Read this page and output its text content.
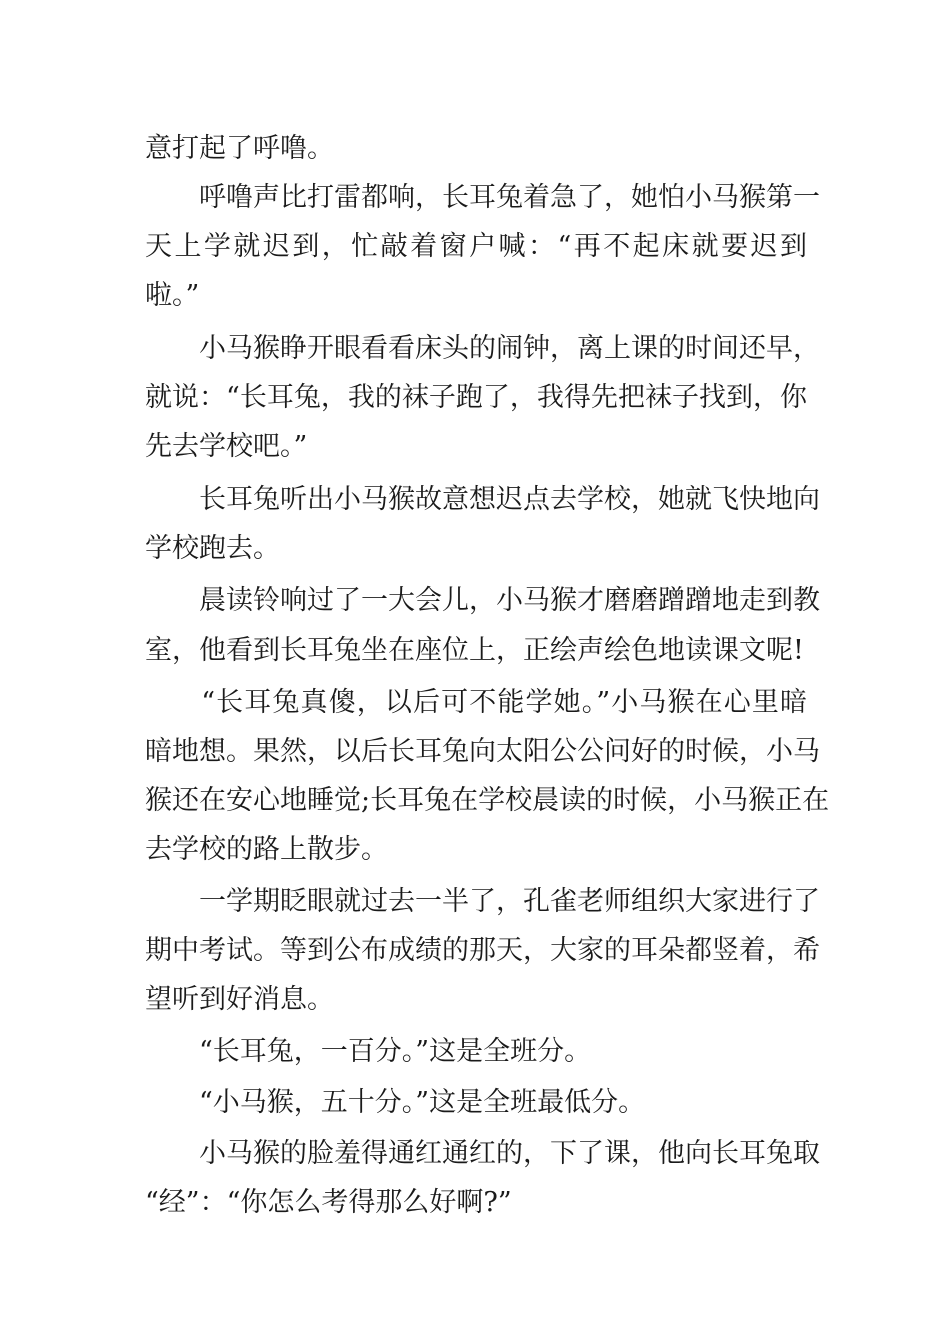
意打起了呼噜。
　　呼噜声比打雷都响，长耳兔着急了，她怕小马猴第一
天上学就迟到，忙敲着窗户喊：“再不起床就要迟到
啦。”
　　小马猴睁开眼看看床头的闹钟，离上课的时间还早，
就说：“长耳兔，我的袜子跑了，我得先把袜子找到，你
先去学校吧。”
　　长耳兔听出小马猴故意想迟点去学校，她就飞快地向
学校跑去。
　　晨读铃响过了一大会儿，小马猴才磨磨蹭蹭地走到教
室，他看到长耳兔坐在座位上，正绘声绘色地读课文呢!
　　“长耳兔真傻，以后可不能学她。”小马猴在心里暗
暗地想。果然，以后长耳兔向太阳公公问好的时候，小马
猴还在安心地睡觉;长耳兔在学校晨读的时候，小马猴正在
去学校的路上散步。
　　一学期眨眼就过去一半了，孔雀老师组织大家进行了
期中考试。等到公布成绩的那天，大家的耳朵都竖着，希
望听到好消息。
　　“长耳兔，一百分。”这是全班分。
　　“小马猴，五十分。”这是全班最低分。
　　小马猴的脸羞得通红通红的，下了课，他向长耳兔取
“经”：“你怎么考得那么好啊?”
